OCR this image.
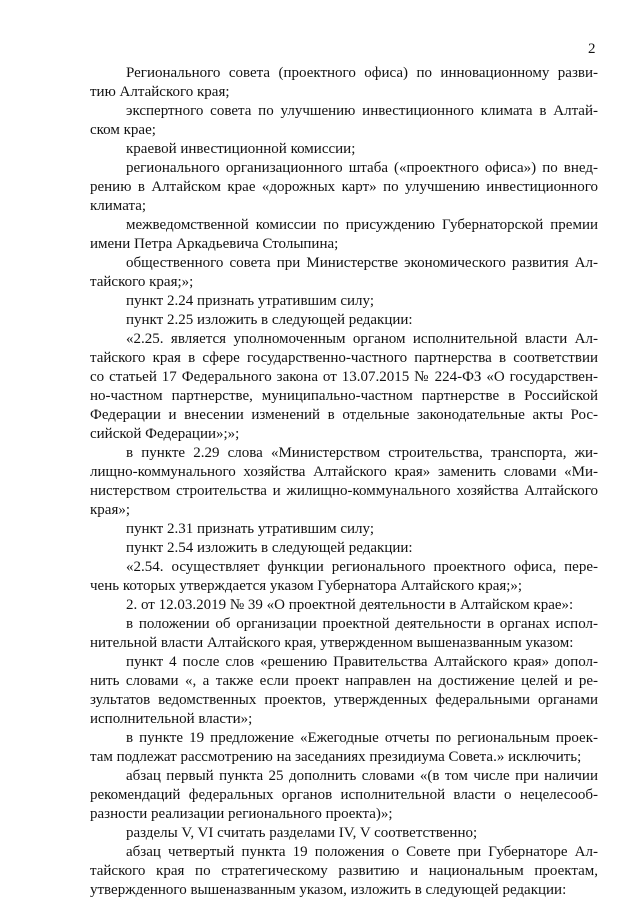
2
Регионального совета (проектного офиса) по инновационному разви-
тию Алтайского края;
экспертного совета по улучшению инвестиционного климата в Алтай-
ском крае;
краевой инвестиционной комиссии;
регионального организационного штаба («проектного офиса») по внед-
рению в Алтайском крае «дорожных карт» по улучшению инвестиционного
климата;
межведомственной комиссии по присуждению Губернаторской премии
имени Петра Аркадьевича Столыпина;
общественного совета при Министерстве экономического развития Ал-
тайского края;»;
пункт 2.24 признать утратившим силу;
пункт 2.25 изложить в следующей редакции:
«2.25. является уполномоченным органом исполнительной власти Ал-
тайского края в сфере государственно-частного партнерства в соответствии
со статьей 17 Федерального закона от 13.07.2015 № 224-ФЗ «О государствен-
но-частном партнерстве, муниципально-частном партнерстве в Российской
Федерации и внесении изменений в отдельные законодательные акты Рос-
сийской Федерации»;»;
в пункте 2.29 слова «Министерством строительства, транспорта, жи-
лищно-коммунального хозяйства Алтайского края» заменить словами «Ми-
нистерством строительства и жилищно-коммунального хозяйства Алтайского
края»;
пункт 2.31 признать утратившим силу;
пункт 2.54 изложить в следующей редакции:
«2.54. осуществляет функции регионального проектного офиса, пере-
чень которых утверждается указом Губернатора Алтайского края;»;
2. от 12.03.2019 № 39 «О проектной деятельности в Алтайском крае»:
в положении об организации проектной деятельности в органах испол-
нительной власти Алтайского края, утвержденном вышеназванным указом:
пункт 4 после слов «решению Правительства Алтайского края» допол-
нить словами «, а также если проект направлен на достижение целей и ре-
зультатов ведомственных проектов, утвержденных федеральными органами
исполнительной власти»;
в пункте 19 предложение «Ежегодные отчеты по региональным проек-
там подлежат рассмотрению на заседаниях президиума Совета.» исключить;
абзац первый пункта 25 дополнить словами «(в том числе при наличии
рекомендаций федеральных органов исполнительной власти о нецелесооб-
разности реализации регионального проекта)»;
разделы V, VI считать разделами IV, V соответственно;
абзац четвертый пункта 19 положения о Совете при Губернаторе Ал-
тайского края по стратегическому развитию и национальным проектам,
утвержденного вышеназванным указом, изложить в следующей редакции:
